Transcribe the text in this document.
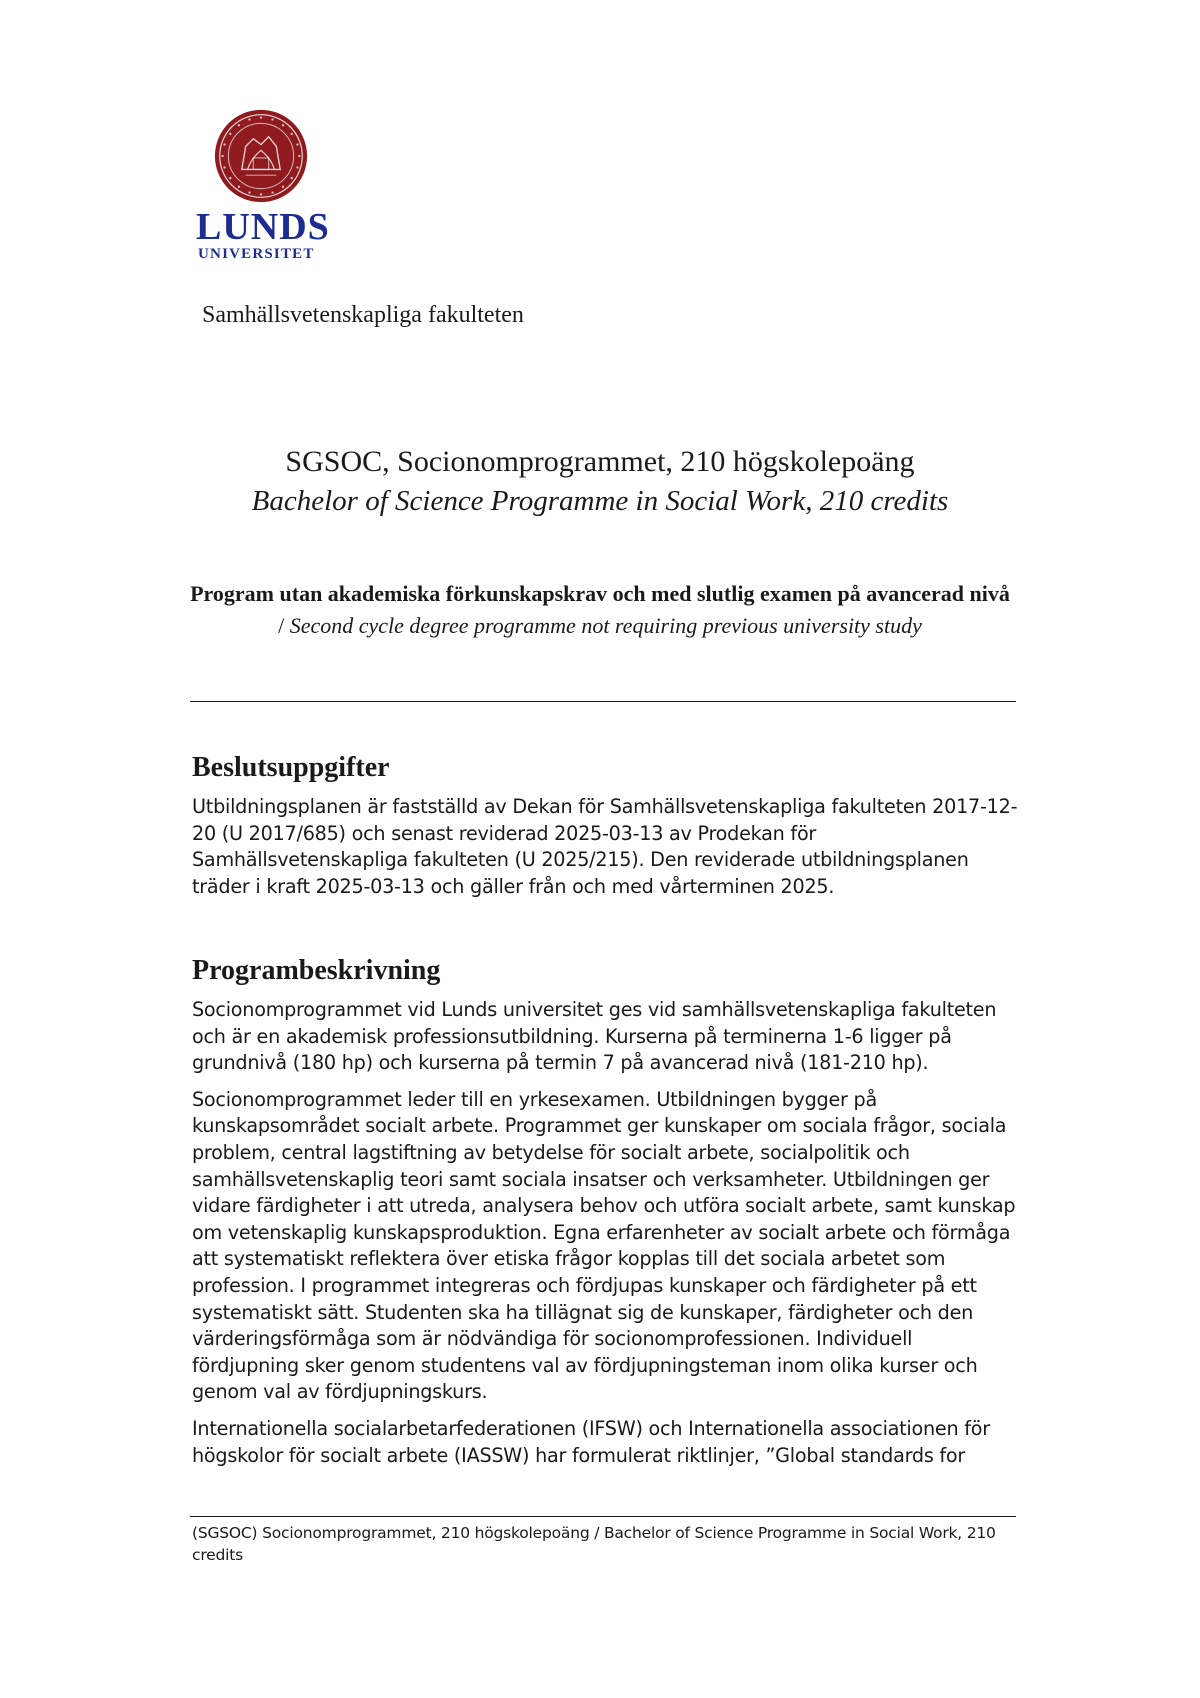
LUNDS
UNIVERSITET
Samhällsvetenskapliga fakulteten
SGSOC, Socionomprogrammet, 210 högskolepoäng
Bachelor of Science Programme in Social Work, 210 credits
Program utan akademiska förkunskapskrav och med slutlig examen på avancerad nivå / Second cycle degree programme not requiring previous university study
Beslutsuppgifter

Utbildningsplanen är fastställd av Dekan för Samhällsvetenskapliga fakulteten 2017-12-20 (U 2017/685) och senast reviderad 2025-03-13 av Prodekan för Samhällsvetenskapliga fakulteten (U 2025/215). Den reviderade utbildningsplanen träder i kraft 2025-03-13 och gäller från och med vårterminen 2025.

Programbeskrivning

Socionomprogrammet vid Lunds universitet ges vid samhällsvetenskapliga fakulteten och är en akademisk professionsutbildning. Kurserna på terminerna 1-6 ligger på grundnivå (180 hp) och kurserna på termin 7 på avancerad nivå (181-210 hp).

Socionomprogrammet leder till en yrkesexamen. Utbildningen bygger på kunskapsområdet socialt arbete. Programmet ger kunskaper om sociala frågor, sociala problem, central lagstiftning av betydelse för socialt arbete, socialpolitik och samhällsvetenskaplig teori samt sociala insatser och verksamheter. Utbildningen ger vidare färdigheter i att utreda, analysera behov och utföra socialt arbete, samt kunskap om vetenskaplig kunskapsproduktion. Egna erfarenheter av socialt arbete och förmåga att systematiskt reflektera över etiska frågor kopplas till det sociala arbetet som profession. I programmet integreras och fördjupas kunskaper och färdigheter på ett systematiskt sätt. Studenten ska ha tillägnat sig de kunskaper, färdigheter och den värderingsförmåga som är nödvändiga för socionomprofessionen. Individuell fördjupning sker genom studentens val av fördjupningsteman inom olika kurser och genom val av fördjupningskurs.

Internationella socialarbetarfederationen (IFSW) och Internationella associationen för högskolor för socialt arbete (IASSW) har formulerat riktlinjer, ”Global standards for

(SGSOC) Socionomprogrammet, 210 högskolepoäng / Bachelor of Science Programme in Social Work, 210 credits
